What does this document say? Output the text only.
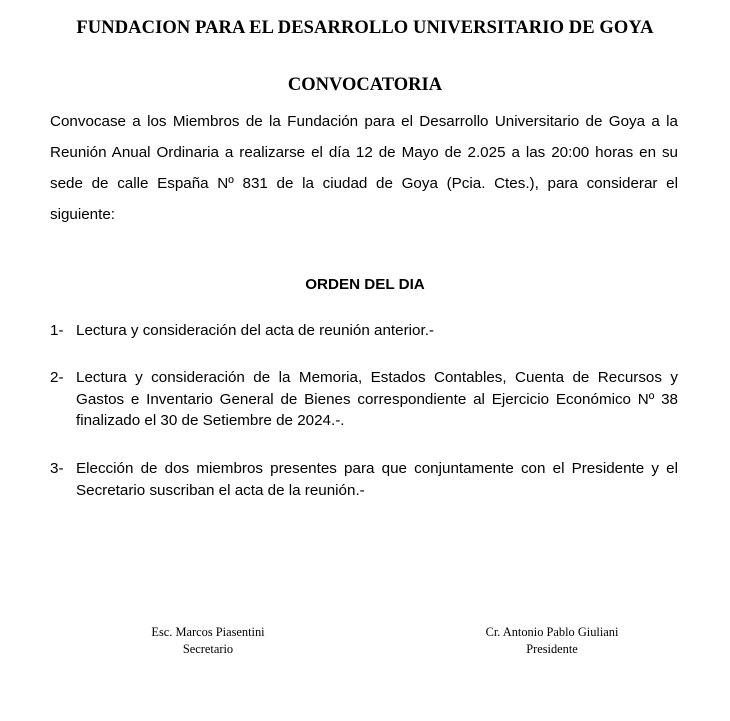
FUNDACION PARA EL DESARROLLO UNIVERSITARIO DE GOYA
CONVOCATORIA

Convocase a los Miembros de la Fundación para el Desarrollo Universitario de Goya a la Reunión Anual Ordinaria a realizarse el día 12 de Mayo de 2.025 a las 20:00 horas en su sede de calle España Nº 831 de la ciudad de Goya (Pcia. Ctes.), para considerar el siguiente:

ORDEN DEL DIA
1- Lectura y consideración del acta de reunión anterior.-
2- Lectura y consideración de la Memoria, Estados Contables, Cuenta de Recursos y Gastos e Inventario General de Bienes correspondiente al Ejercicio Económico Nº 38 finalizado el 30 de Setiembre de 2024.-.
3- Elección de dos miembros presentes para que conjuntamente con el Presidente y el Secretario suscriban el acta de la reunión.-
Esc. Marcos Piasentini
Secretario
Cr. Antonio Pablo Giuliani
Presidente
